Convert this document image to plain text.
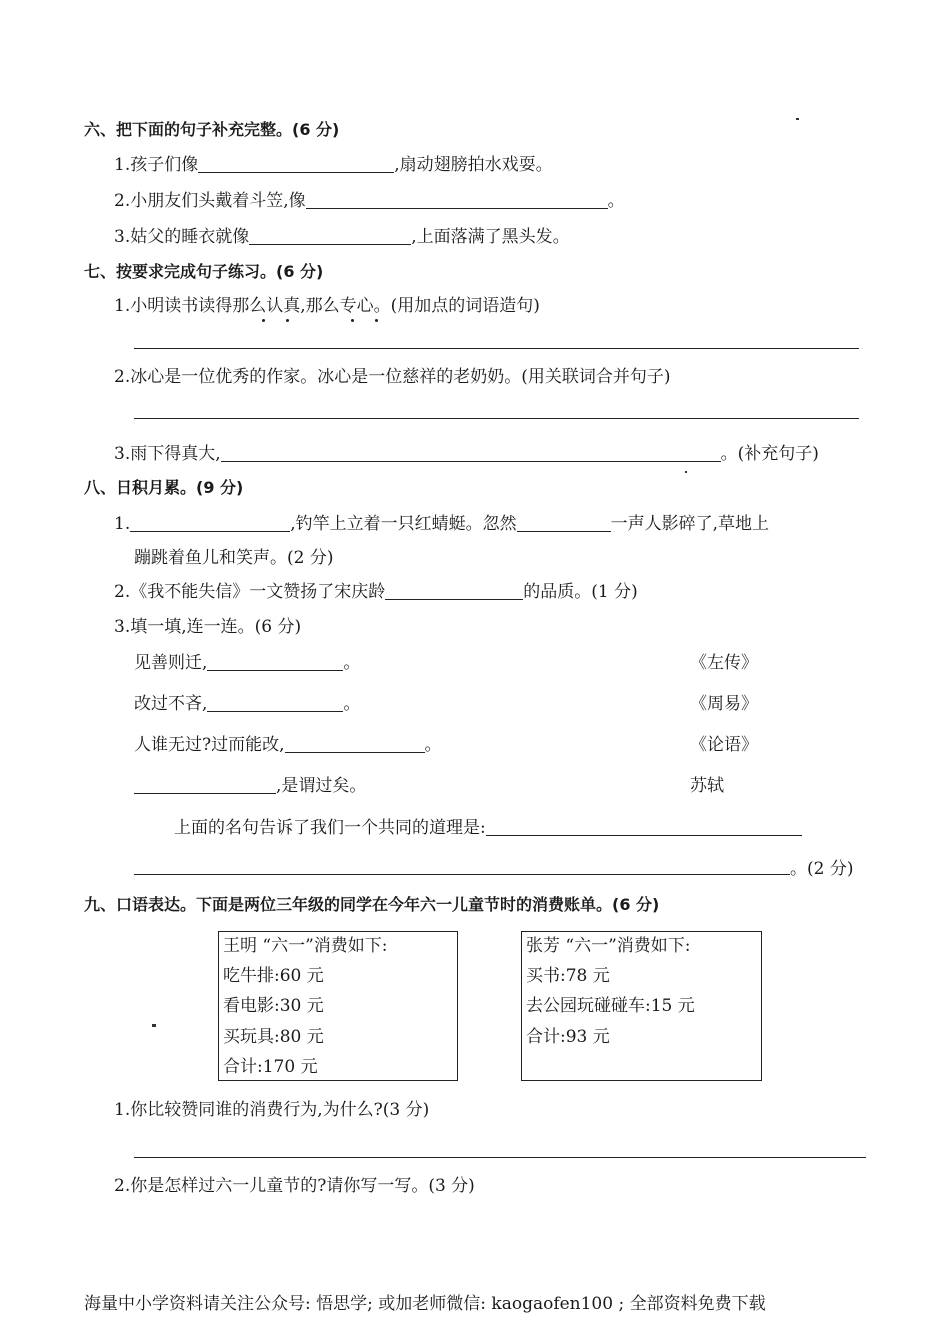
六、把下面的句子补充完整。(6 分)
1.孩子们像	,扇动翅膀拍水戏耍。
2.小朋友们头戴着斗笠,像	。
3.姑父的睡衣就像	,上面落满了黑头发。
七、按要求完成句子练习。(6 分)
1.小明读书读得那么认真,那么专心。(用加点的词语造句)
2.冰心是一位优秀的作家。冰心是一位慈祥的老奶奶。(用关联词合并句子)
3.雨下得真大,	。(补充句子)
八、日积月累。(9 分)
1.	,钓竿上立着一只红蜻蜓。忽然	一声人影碎了,草地上
蹦跳着鱼儿和笑声。(2 分)
2.《我不能失信》一文赞扬了宋庆龄	的品质。(1 分)
3.填一填,连一连。(6 分)
见善则迁,	。	《左传》
改过不吝,	。	《周易》
人谁无过?过而能改,	。	《论语》
,是谓过矣。	苏轼
上面的名句告诉了我们一个共同的道理是:
。(2 分)
九、口语表达。下面是两位三年级的同学在今年六一儿童节时的消费账单。(6 分)
王明 “六一”消费如下:
吃牛排:60 元
看电影:30 元
买玩具:80 元
合计:170 元
张芳 “六一”消费如下:
买书:78 元
去公园玩碰碰车:15 元
合计:93 元
1.你比较赞同谁的消费行为,为什么?(3 分)
2.你是怎样过六一儿童节的?请你写一写。(3 分)
海量中小学资料请关注公众号: 悟思学; 或加老师微信: kaogaofen100 ; 全部资料免费下载
